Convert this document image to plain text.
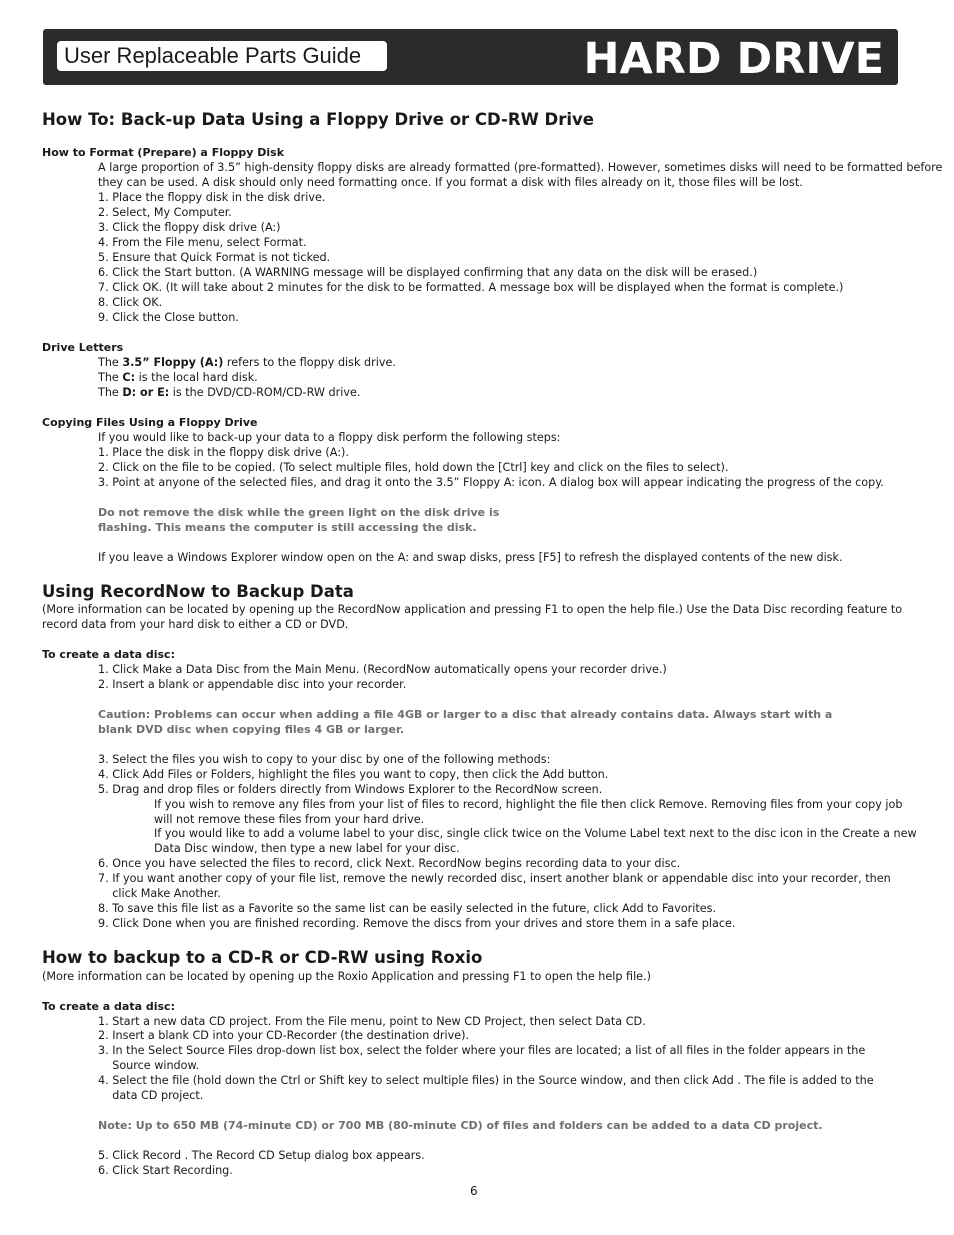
User Replaceable Parts Guide	HARD DRIVE
How To: Back-up Data Using a Floppy Drive or CD-RW Drive
How to Format (Prepare) a Floppy Disk
A large proportion of 3.5” high-density floppy disks are already formatted (pre-formatted). However, sometimes disks will need to be formatted before
they can be used. A disk should only need formatting once. If you format a disk with files already on it, those files will be lost.
1. Place the floppy disk in the disk drive.
2. Select, My Computer.
3. Click the floppy disk drive (A:)
4. From the File menu, select Format.
5. Ensure that Quick Format is not ticked.
6. Click the Start button. (A WARNING message will be displayed confirming that any data on the disk will be erased.)
7. Click OK. (It will take about 2 minutes for the disk to be formatted. A message box will be displayed when the format is complete.)
8. Click OK.
9. Click the Close button.
Drive Letters
The 3.5” Floppy (A:) refers to the floppy disk drive.
The C: is the local hard disk.
The D: or E: is the DVD/CD-ROM/CD-RW drive.
Copying Files Using a Floppy Drive
If you would like to back-up your data to a floppy disk perform the following steps:
1. Place the disk in the floppy disk drive (A:).
2. Click on the file to be copied. (To select multiple files, hold down the [Ctrl] key and click on the files to select).
3. Point at anyone of the selected files, and drag it onto the 3.5” Floppy A: icon. A dialog box will appear indicating the progress of the copy.
Do not remove the disk while the green light on the disk drive is
flashing. This means the computer is still accessing the disk.
If you leave a Windows Explorer window open on the A: and swap disks, press [F5] to refresh the displayed contents of the new disk.
Using RecordNow to Backup Data
(More information can be located by opening up the RecordNow application and pressing F1 to open the help file.) Use the Data Disc recording feature to
record data from your hard disk to either a CD or DVD.
To create a data disc:
1. Click Make a Data Disc from the Main Menu. (RecordNow automatically opens your recorder drive.)
2. Insert a blank or appendable disc into your recorder.
Caution: Problems can occur when adding a file 4GB or larger to a disc that already contains data. Always start with a
blank DVD disc when copying files 4 GB or larger.
3. Select the files you wish to copy to your disc by one of the following methods:
4. Click Add Files or Folders, highlight the files you want to copy, then click the Add button.
5. Drag and drop files or folders directly from Windows Explorer to the RecordNow screen.
If you wish to remove any files from your list of files to record, highlight the file then click Remove. Removing files from your copy job
will not remove these files from your hard drive.
If you would like to add a volume label to your disc, single click twice on the Volume Label text next to the disc icon in the Create a new
Data Disc window, then type a new label for your disc.
6. Once you have selected the files to record, click Next. RecordNow begins recording data to your disc.
7. If you want another copy of your file list, remove the newly recorded disc, insert another blank or appendable disc into your recorder, then
click Make Another.
8. To save this file list as a Favorite so the same list can be easily selected in the future, click Add to Favorites.
9. Click Done when you are finished recording. Remove the discs from your drives and store them in a safe place.
How to backup to a CD-R or CD-RW using Roxio
(More information can be located by opening up the Roxio Application and pressing F1 to open the help file.)
To create a data disc:
1. Start a new data CD project. From the File menu, point to New CD Project, then select Data CD.
2. Insert a blank CD into your CD-Recorder (the destination drive).
3. In the Select Source Files drop-down list box, select the folder where your files are located; a list of all files in the folder appears in the
Source window.
4. Select the file (hold down the Ctrl or Shift key to select multiple files) in the Source window, and then click Add . The file is added to the
data CD project.
Note: Up to 650 MB (74-minute CD) or 700 MB (80-minute CD) of files and folders can be added to a data CD project.
5. Click Record . The Record CD Setup dialog box appears.
6. Click Start Recording.
6
